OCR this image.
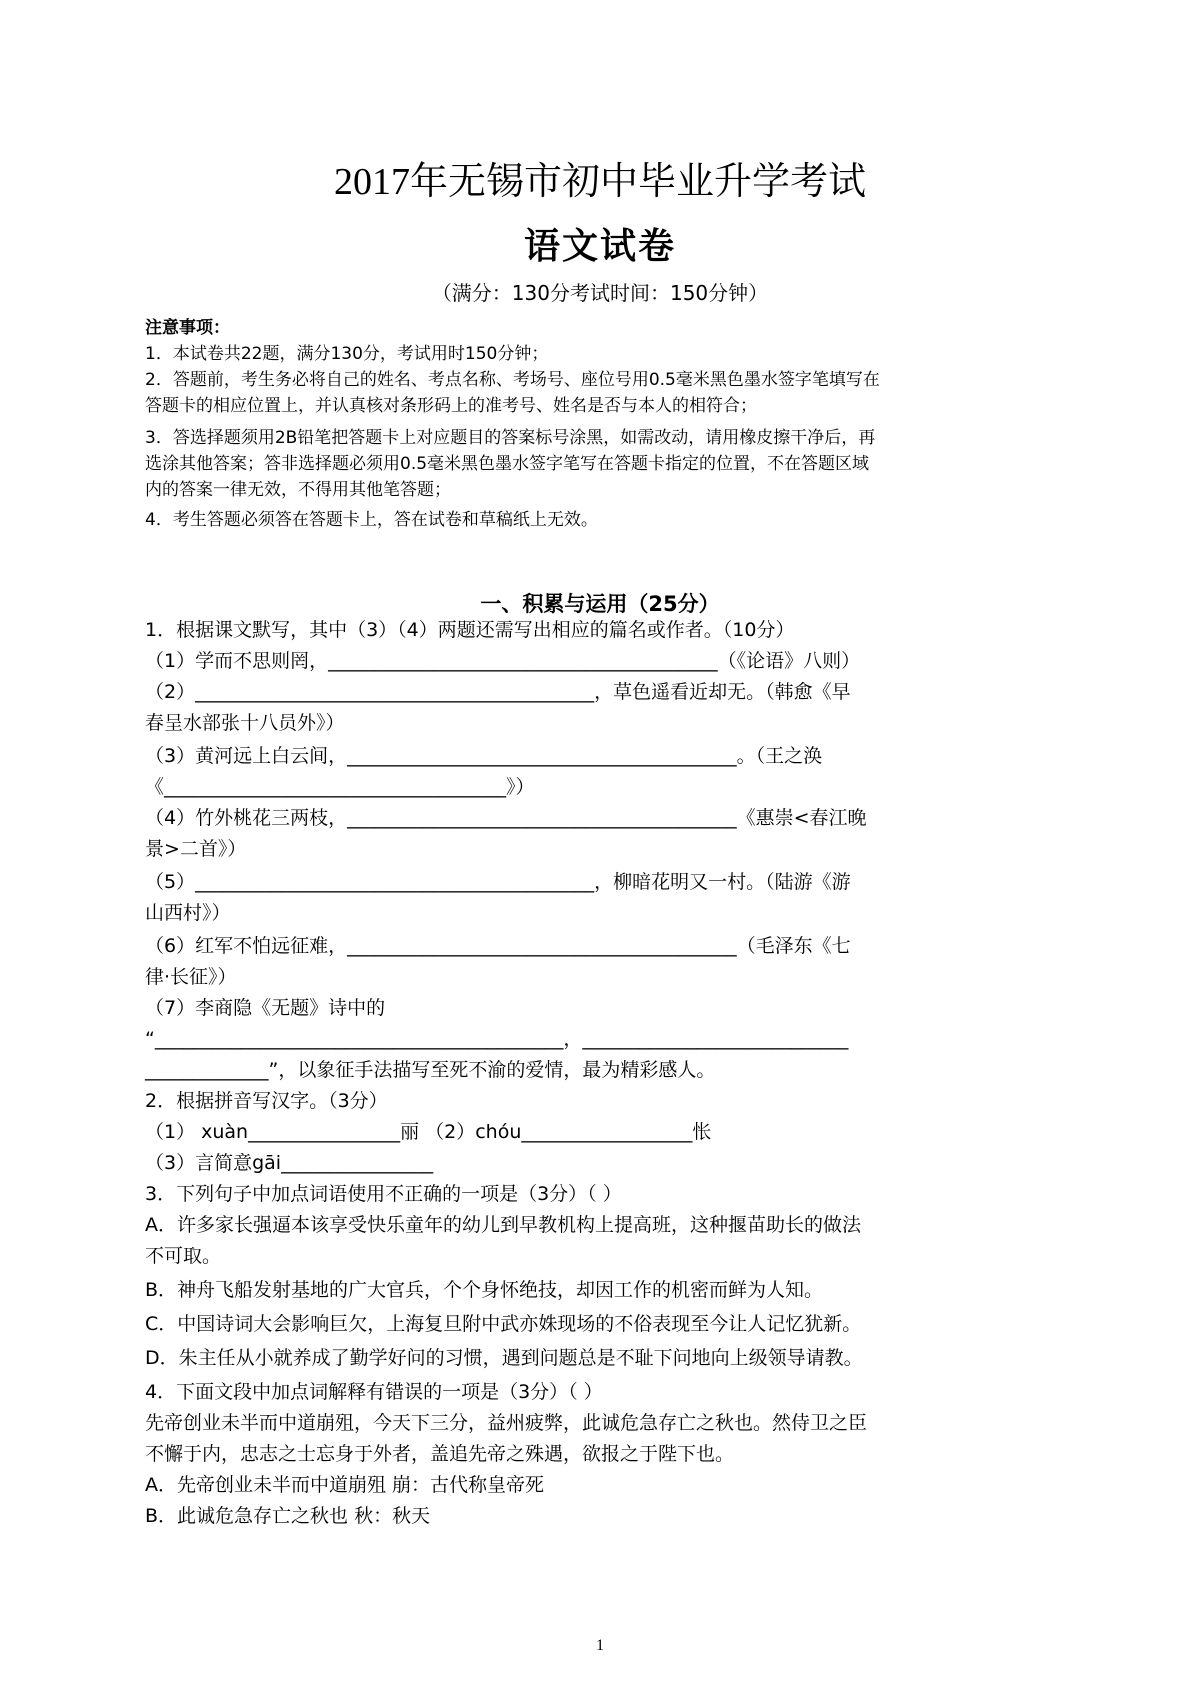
2017年无锡市初中毕业升学考试
语文试卷
（满分：130分考试时间：150分钟）
注意事项：
1．本试卷共22题，满分130分，考试用时150分钟；
2．答题前，考生务必将自己的姓名、考点名称、考场号、座位号用0.5毫米黑色墨水签字笔填写在
答题卡的相应位置上，并认真核对条形码上的准考号、姓名是否与本人的相符合；
3．答选择题须用2B铅笔把答题卡上对应题目的答案标号涂黑，如需改动，请用橡皮擦干净后，再
选涂其他答案；答非选择题必须用0.5毫米黑色墨水签字笔写在答题卡指定的位置，不在答题区域
内的答案一律无效，不得用其他笔答题；
4．考生答题必须答在答题卡上，答在试卷和草稿纸上无效。
一、积累与运用（25分）
1．根据课文默写，其中（3）（4）两题还需写出相应的篇名或作者。（10分）
（1）学而不思则罔，_________________________________________（《论语》八则）
（2）__________________________________________，草色遥看近却无。（韩愈《早
春呈水部张十八员外》）
（3）黄河远上白云间，_________________________________________。（王之涣
《____________________________________》）
（4）竹外桃花三两枝，_________________________________________《惠崇<春江晚
景>二首》）
（5）__________________________________________，柳暗花明又一村。（陆游《游
山西村》）
（6）红军不怕远征难，_________________________________________（毛泽东《七
律·长征》）
（7）李商隐《无题》诗中的
“___________________________________________，____________________________
_____________”，以象征手法描写至死不渝的爱情，最为精彩感人。
2．根据拼音写汉字。（3分）
（1） xuàn________________丽 （2）chóu__________________怅
（3）言简意gāi________________
3．下列句子中加点词语使用不正确的一项是（3分）（ ）
A．许多家长强逼本该享受快乐童年的幼儿到早教机构上提高班，这种揠苗助长的做法
不可取。
B．神舟飞船发射基地的广大官兵，个个身怀绝技，却因工作的机密而鲜为人知。
C．中国诗词大会影响巨欠，上海复旦附中武亦姝现场的不俗表现至今让人记忆犹新。
D．朱主任从小就养成了勤学好问的习惯，遇到问题总是不耻下问地向上级领导请教。
4．下面文段中加点词解释有错误的一项是（3分）（ ）
先帝创业未半而中道崩殂，今天下三分，益州疲弊，此诚危急存亡之秋也。然侍卫之臣
不懈于内，忠志之士忘身于外者，盖追先帝之殊遇，欲报之于陛下也。
A．先帝创业未半而中道崩殂 崩：古代称皇帝死
B．此诚危急存亡之秋也 秋：秋天
1
